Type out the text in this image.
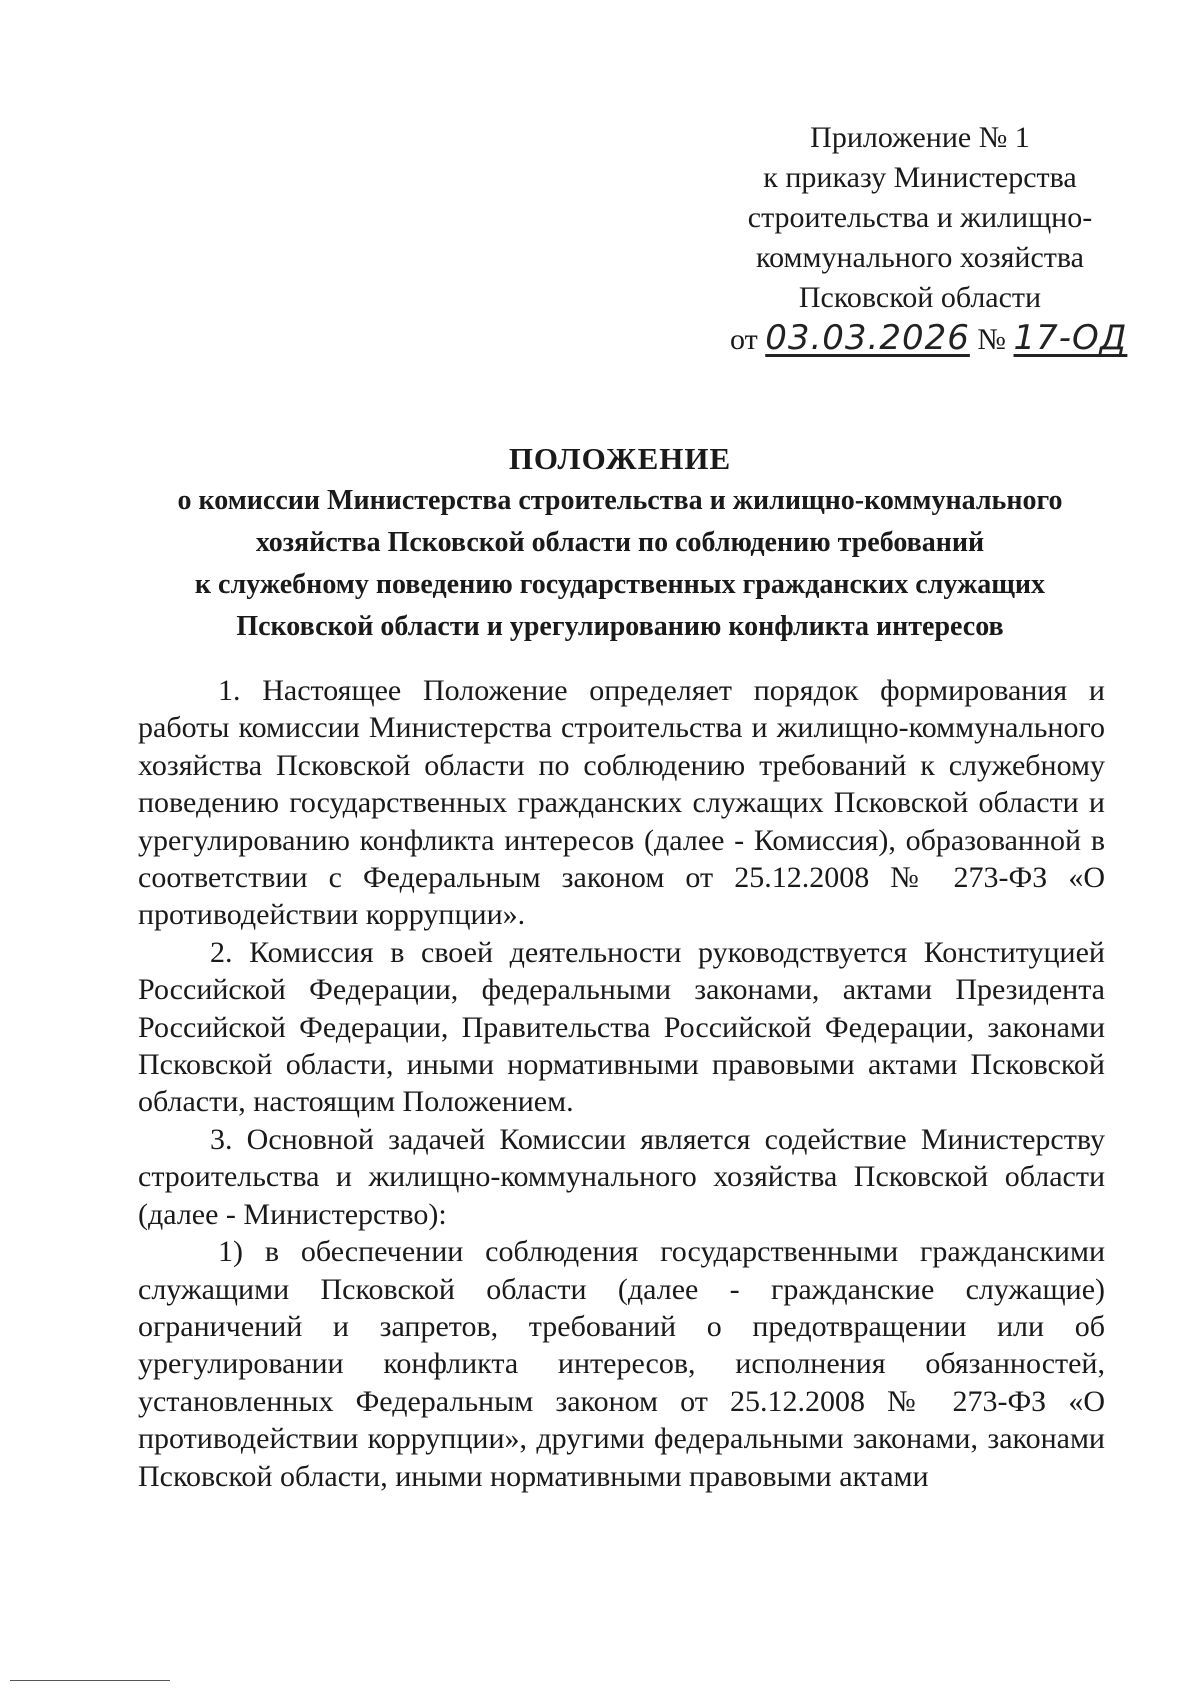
Приложение № 1
к приказу Министерства
строительства и жилищно-
коммунального хозяйства
Псковской области
от 03.03.2026 № 17-ОД
ПОЛОЖЕНИЕ
о комиссии Министерства строительства и жилищно-коммунального
хозяйства Псковской области по соблюдению требований
к служебному поведению государственных гражданских служащих
Псковской области и урегулированию конфликта интересов

1. Настоящее Положение определяет порядок формирования и работы комиссии Министерства строительства и жилищно-коммунального хозяйства Псковской области по соблюдению требований к служебному поведению государственных гражданских служащих Псковской области и урегулированию конфликта интересов (далее - Комиссия), образованной в соответствии с Федеральным законом от 25.12.2008 № 273-ФЗ «О противодействии коррупции».

2. Комиссия в своей деятельности руководствуется Конституцией Российской Федерации, федеральными законами, актами Президента Российской Федерации, Правительства Российской Федерации, законами Псковской области, иными нормативными правовыми актами Псковской области, настоящим Положением.

3. Основной задачей Комиссии является содействие Министерству строительства и жилищно-коммунального хозяйства Псковской области (далее - Министерство):

1) в обеспечении соблюдения государственными гражданскими служащими Псковской области (далее - гражданские служащие) ограничений и запретов, требований о предотвращении или об урегулировании конфликта интересов, исполнения обязанностей, установленных Федеральным законом от 25.12.2008 № 273-ФЗ «О противодействии коррупции», другими федеральными законами, законами Псковской области, иными нормативными правовыми актами
